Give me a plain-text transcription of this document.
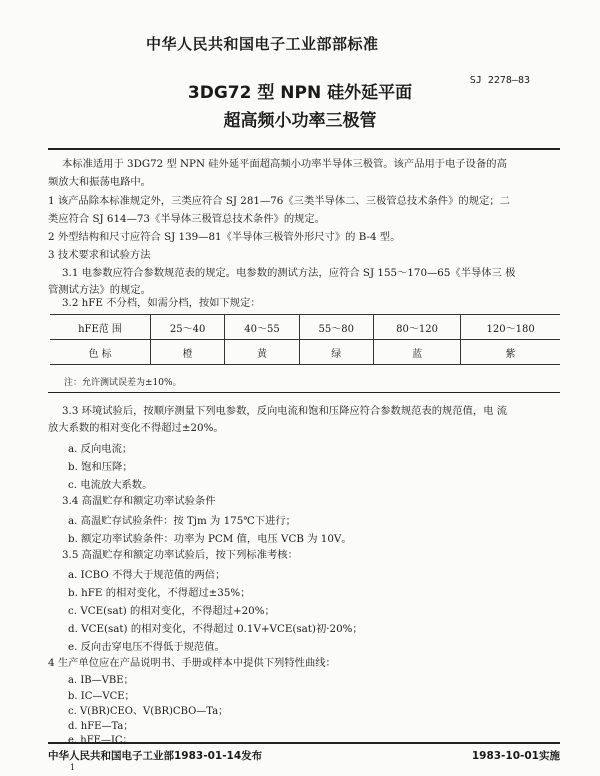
中华人民共和国电子工业部部标准
SJ 2278—83
3DG72 型 NPN 硅外延平面
超高频小功率三极管
本标准适用于 3DG72 型 NPN 硅外延平面超高频小功率半导体三极管。该产品用于电子设备的高
频放大和振荡电路中。
1 该产品除本标准规定外，三类应符合 SJ 281—76《三类半导体二、三极管总技术条件》的规定；二
类应符合 SJ 614—73《半导体三极管总技术条件》的规定。
2 外型结构和尺寸应符合 SJ 139—81《半导体三极管外形尺寸》的 B-4 型。
3 技术要求和试验方法
3.1 电参数应符合参数规范表的规定。电参数的测试方法，应符合 SJ 155～170—65《半导体三 极
管测试方法》的规定。
3.2 hFE 不分档，如需分档，按如下规定：
hFE范 围	25～40	40～55	55～80	80～120	120～180
色 标	橙	黄	绿	蓝	紫
注：允许测试误差为±10%。
3.3 环境试验后，按顺序测量下列电参数，反向电流和饱和压降应符合参数规范表的规范值，电 流
放大系数的相对变化不得超过±20%。
a. 反向电流；
b. 饱和压降；
c. 电流放大系数。
3.4 高温贮存和额定功率试验条件
a. 高温贮存试验条件：按 Tjm 为 175℃下进行；
b. 额定功率试验条件：功率为 PCM 值，电压 VCB 为 10V。
3.5 高温贮存和额定功率试验后，按下列标准考核：
a. ICBO 不得大于规范值的两倍；
b. hFE 的相对变化，不得超过±35%；
c. VCE(sat) 的相对变化，不得超过+20%；
d. VCE(sat) 的相对变化，不得超过 0.1V+VCE(sat)初·20%；
e. 反向击穿电压不得低于规范值。
4 生产单位应在产品说明书、手册或样本中提供下列特性曲线：
a. IB—VBE；
b. IC—VCE；
c. V(BR)CEO、V(BR)CBO—Ta；
d. hFE—Ta；
e. hFE—IC；
中华人民共和国电子工业部1983-01-14发布	1983-10-01实施
1
